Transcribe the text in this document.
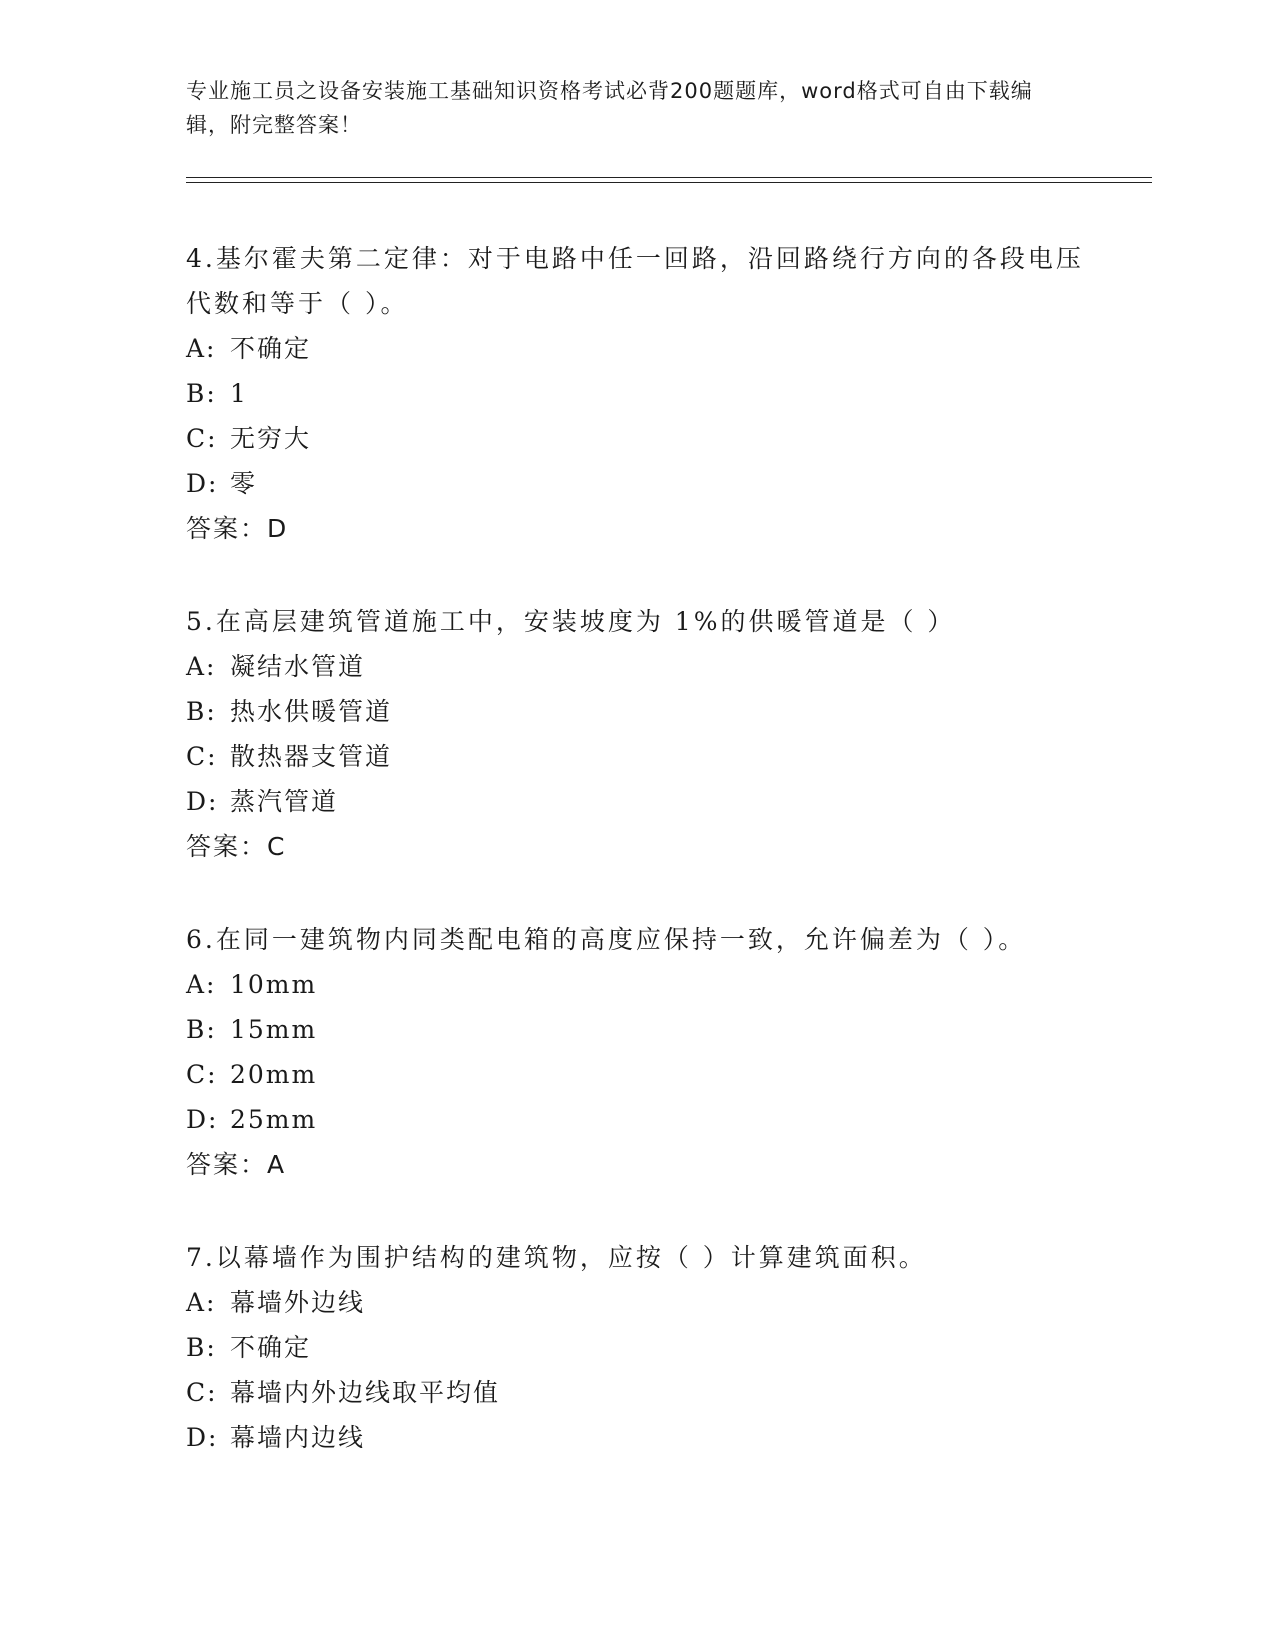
专业施工员之设备安装施工基础知识资格考试必背200题题库，word格式可自由下载编辑，附完整答案！
4.基尔霍夫第二定律：对于电路中任一回路，沿回路绕行方向的各段电压代数和等于（ ）。
A: 不确定
B: 1
C: 无穷大
D: 零
答案：D
5.在高层建筑管道施工中，安装坡度为 1%的供暖管道是（ ）
A: 凝结水管道
B: 热水供暖管道
C: 散热器支管道
D: 蒸汽管道
答案：C
6.在同一建筑物内同类配电箱的高度应保持一致，允许偏差为（ ）。
A: 10mm
B: 15mm
C: 20mm
D: 25mm
答案：A
7.以幕墙作为围护结构的建筑物，应按（ ）计算建筑面积。
A: 幕墙外边线
B: 不确定
C: 幕墙内外边线取平均值
D: 幕墙内边线
